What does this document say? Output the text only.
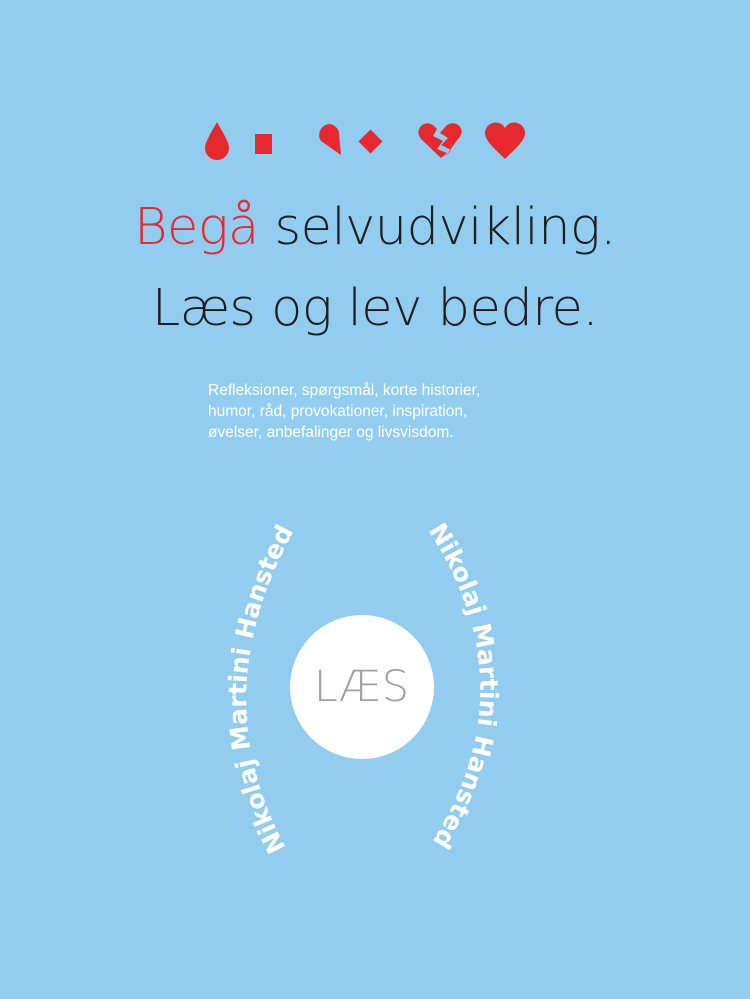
Begå selvudvikling.
Læs og lev bedre.
Refleksioner, spørgsmål, korte historier,
humor, råd, provokationer, inspiration,
øvelser, anbefalinger og livsvisdom.
Nikolaj Martini Hansted	Nikolaj Martini Hansted
LÆS
